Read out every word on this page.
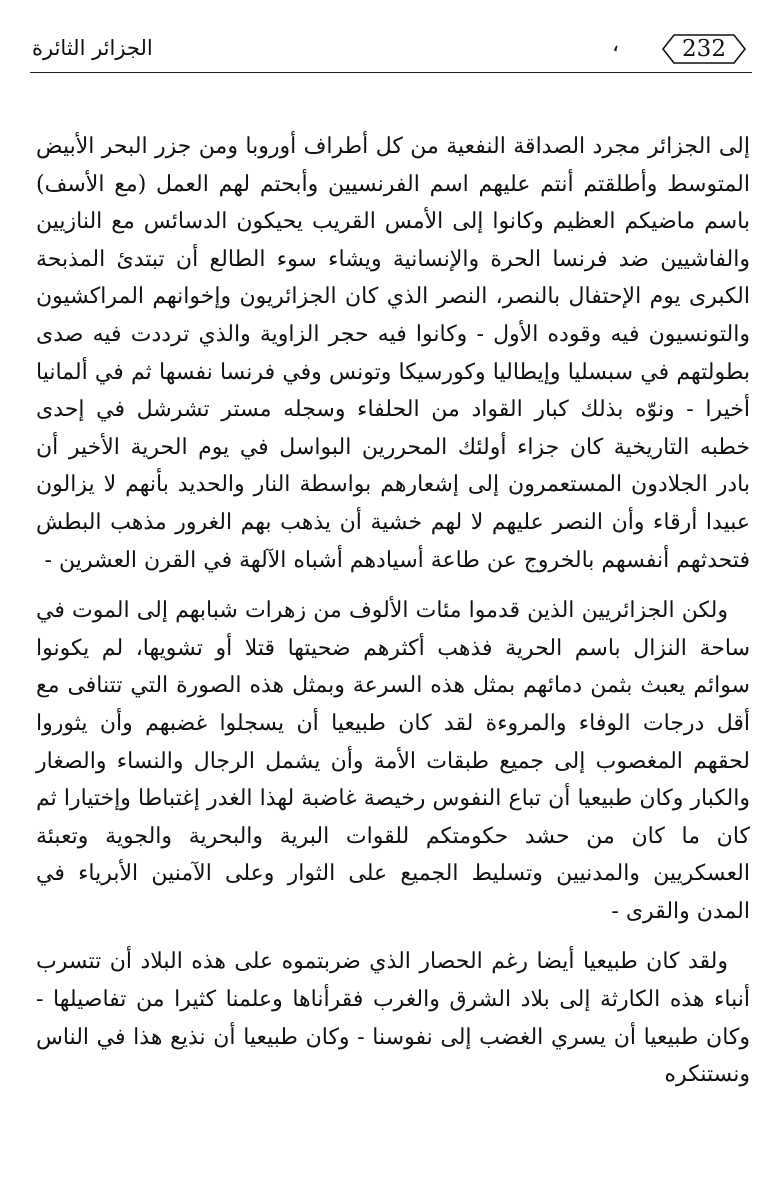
الجزائر الثائرة	،	232

إلى الجزائر مجرد الصداقة النفعية من كل أطراف أوروبا ومن جزر البحر الأبيض المتوسط وأطلقتم أنتم عليهم اسم الفرنسيين وأبحتم لهم العمل (مع الأسف) باسم ماضيكم العظيم وكانوا إلى الأمس القريب يحيكون الدسائس مع النازيين والفاشيين ضد فرنسا الحرة والإنسانية ويشاء سوء الطالع أن تبتدئ المذبحة الكبرى يوم الإحتفال بالنصر، النصر الذي كان الجزائريون وإخوانهم المراكشيون والتونسيون فيه وقوده الأول - وكانوا فيه حجر الزاوية والذي ترددت فيه صدى بطولتهم في سبسليا وإيطاليا وكورسيكا وتونس وفي فرنسا نفسها ثم في ألمانيا أخيرا - ونوّه بذلك كبار القواد من الحلفاء وسجله مستر تشرشل في إحدى خطبه التاريخية كان جزاء أولئك المحررين البواسل في يوم الحرية الأخير أن بادر الجلادون المستعمرون إلى إشعارهم بواسطة النار والحديد بأنهم لا يزالون عبيدا أرقاء وأن النصر عليهم لا لهم خشية أن يذهب بهم الغرور مذهب البطش فتحدثهم أنفسهم بالخروج عن طاعة أسيادهم أشباه الآلهة في القرن العشرين -

ولكن الجزائريين الذين قدموا مئات الألوف من زهرات شبابهم إلى الموت في ساحة النزال باسم الحرية فذهب أكثرهم ضحيتها قتلا أو تشويها، لم يكونوا سوائم يعبث بثمن دمائهم بمثل هذه السرعة وبمثل هذه الصورة التي تتنافى مع أقل درجات الوفاء والمروءة لقد كان طبيعيا أن يسجلوا غضبهم وأن يثوروا لحقهم المغصوب إلى جميع طبقات الأمة وأن يشمل الرجال والنساء والصغار والكبار وكان طبيعيا أن تباع النفوس رخيصة غاضبة لهذا الغدر إغتباطا وإختيارا ثم كان ما كان من حشد حكومتكم للقوات البرية والبحرية والجوية وتعبئة العسكريين والمدنيين وتسليط الجميع على الثوار وعلى الآمنين الأبرياء في المدن والقرى -

ولقد كان طبيعيا أيضا رغم الحصار الذي ضربتموه على هذه البلاد أن تتسرب أنباء هذه الكارثة إلى بلاد الشرق والغرب فقرأناها وعلمنا كثيرا من تفاصيلها - وكان طبيعيا أن يسري الغضب إلى نفوسنا - وكان طبيعيا أن نذيع هذا في الناس ونستنكره
